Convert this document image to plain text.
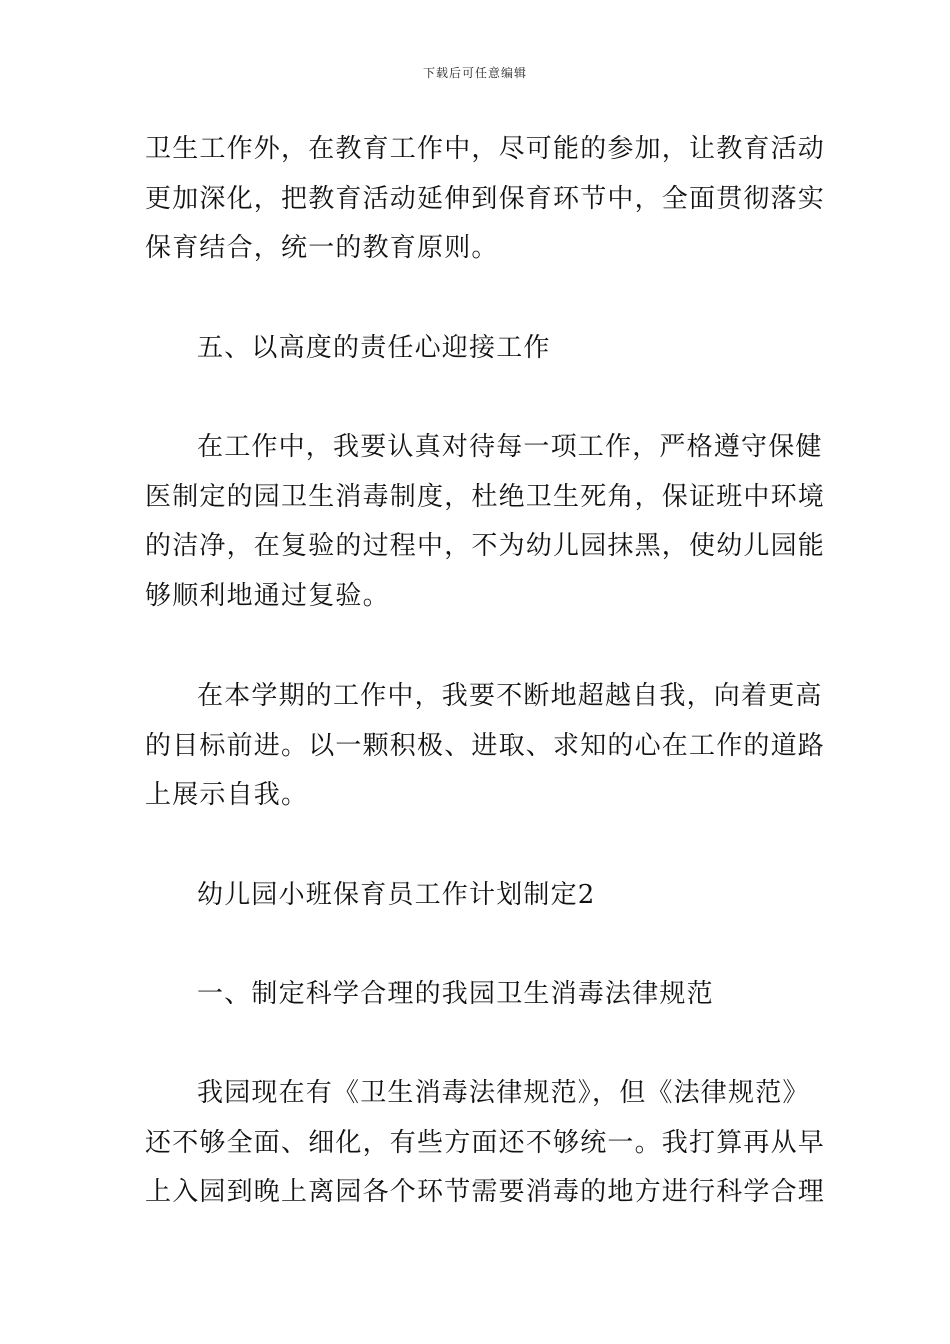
下载后可任意编辑
卫生工作外，在教育工作中，尽可能的参加，让教育活动
更加深化，把教育活动延伸到保育环节中，全面贯彻落实
保育结合，统一的教育原则。
五、以高度的责任心迎接工作
在工作中，我要认真对待每一项工作，严格遵守保健
医制定的园卫生消毒制度，杜绝卫生死角，保证班中环境
的洁净，在复验的过程中，不为幼儿园抹黑，使幼儿园能
够顺利地通过复验。
在本学期的工作中，我要不断地超越自我，向着更高
的目标前进。以一颗积极、进取、求知的心在工作的道路
上展示自我。
幼儿园小班保育员工作计划制定2
一、制定科学合理的我园卫生消毒法律规范
我园现在有《卫生消毒法律规范》，但《法律规范》
还不够全面、细化，有些方面还不够统一。我打算再从早
上入园到晚上离园各个环节需要消毒的地方进行科学合理
